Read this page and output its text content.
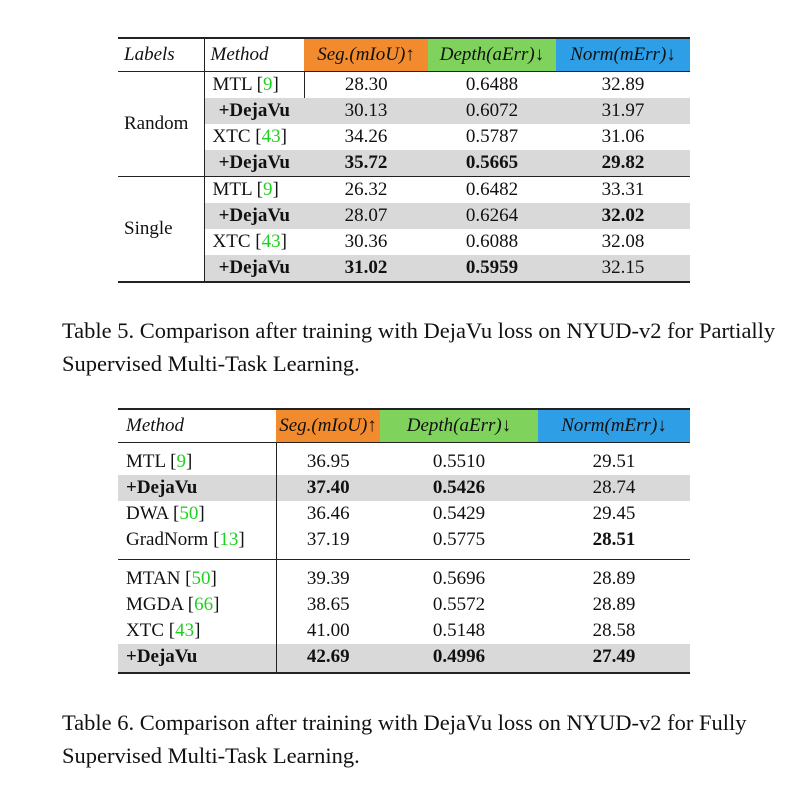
Labels	Method	Seg.(mIoU)↑	Depth(aErr)↓	Norm(mErr)↓
Random	MTL [9]	28.30	0.6488	32.89
	+DejaVu	30.13	0.6072	31.97
	XTC [43]	34.26	0.5787	31.06
	+DejaVu	35.72	0.5665	29.82
Single	MTL [9]	26.32	0.6482	33.31
	+DejaVu	28.07	0.6264	32.02
	XTC [43]	30.36	0.6088	32.08
	+DejaVu	31.02	0.5959	32.15
Table 5. Comparison after training with DejaVu loss on NYUD-v2 for Partially Supervised Multi-Task Learning.
Method	Seg.(mIoU)↑	Depth(aErr)↓	Norm(mErr)↓
MTL [9]	36.95	0.5510	29.51
+DejaVu	37.40	0.5426	28.74
DWA [50]	36.46	0.5429	29.45
GradNorm [13]	37.19	0.5775	28.51
MTAN [50]	39.39	0.5696	28.89
MGDA [66]	38.65	0.5572	28.89
XTC [43]	41.00	0.5148	28.58
+DejaVu	42.69	0.4996	27.49
Table 6. Comparison after training with DejaVu loss on NYUD-v2 for Fully Supervised Multi-Task Learning.
